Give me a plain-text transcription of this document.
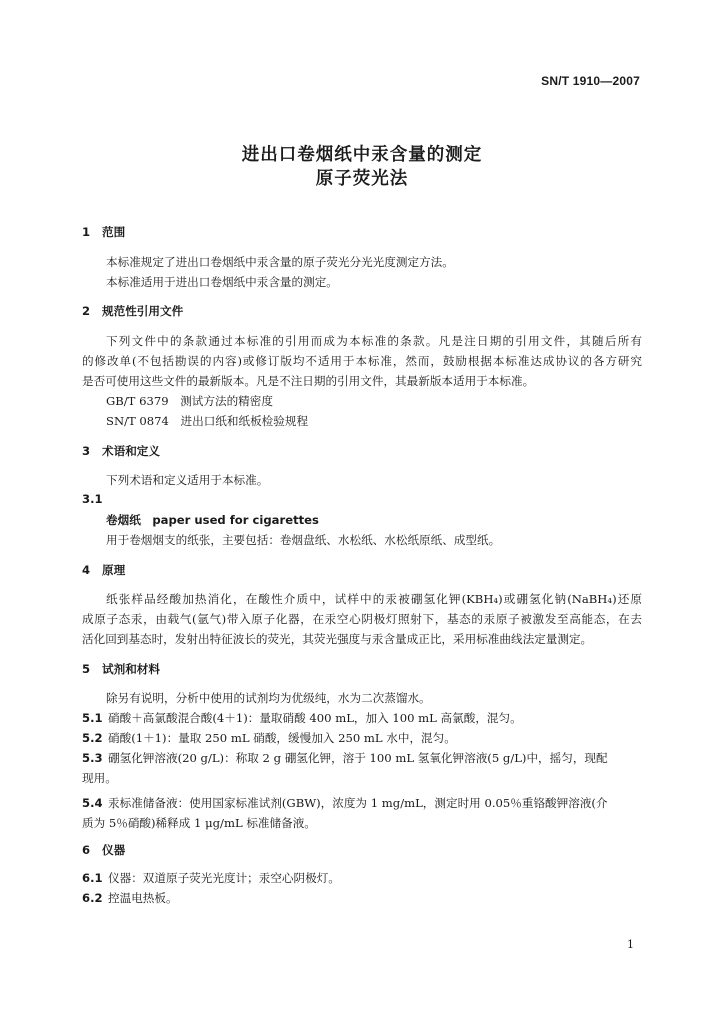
SN/T 1910—2007
进出口卷烟纸中汞含量的测定
原子荧光法
1 范围
本标准规定了进出口卷烟纸中汞含量的原子荧光分光光度测定方法。
本标准适用于进出口卷烟纸中汞含量的测定。
2 规范性引用文件
下列文件中的条款通过本标准的引用而成为本标准的条款。凡是注日期的引用文件，其随后所有
的修改单(不包括勘误的内容)或修订版均不适用于本标准，然而，鼓励根据本标准达成协议的各方研究
是否可使用这些文件的最新版本。凡是不注日期的引用文件，其最新版本适用于本标准。
GB/T 6379　测试方法的精密度
SN/T 0874　进出口纸和纸板检验规程
3 术语和定义
下列术语和定义适用于本标准。
3.1
卷烟纸　paper used for cigarettes
用于卷烟烟支的纸张，主要包括：卷烟盘纸、水松纸、水松纸原纸、成型纸。
4 原理
纸张样品经酸加热消化，在酸性介质中，试样中的汞被硼氢化钾(KBH₄)或硼氢化钠(NaBH₄)还原
成原子态汞，由载气(氩气)带入原子化器，在汞空心阴极灯照射下，基态的汞原子被激发至高能态，在去
活化回到基态时，发射出特征波长的荧光，其荧光强度与汞含量成正比，采用标准曲线法定量测定。
5 试剂和材料
除另有说明，分析中使用的试剂均为优级纯，水为二次蒸馏水。
5.1 硝酸＋高氯酸混合酸(4＋1)：量取硝酸 400 mL，加入 100 mL 高氯酸，混匀。
5.2 硝酸(1＋1)：量取 250 mL 硝酸，缓慢加入 250 mL 水中，混匀。
5.3 硼氢化钾溶液(20 g/L)：称取 2 g 硼氢化钾，溶于 100 mL 氢氧化钾溶液(5 g/L)中，摇匀，现配
现用。
5.4 汞标准储备液：使用国家标准试剂(GBW)，浓度为 1 mg/mL，测定时用 0.05％重铬酸钾溶液(介
质为 5％硝酸)稀释成 1 μg/mL 标准储备液。
6 仪器
6.1 仪器：双道原子荧光光度计；汞空心阴极灯。
6.2 控温电热板。
1
